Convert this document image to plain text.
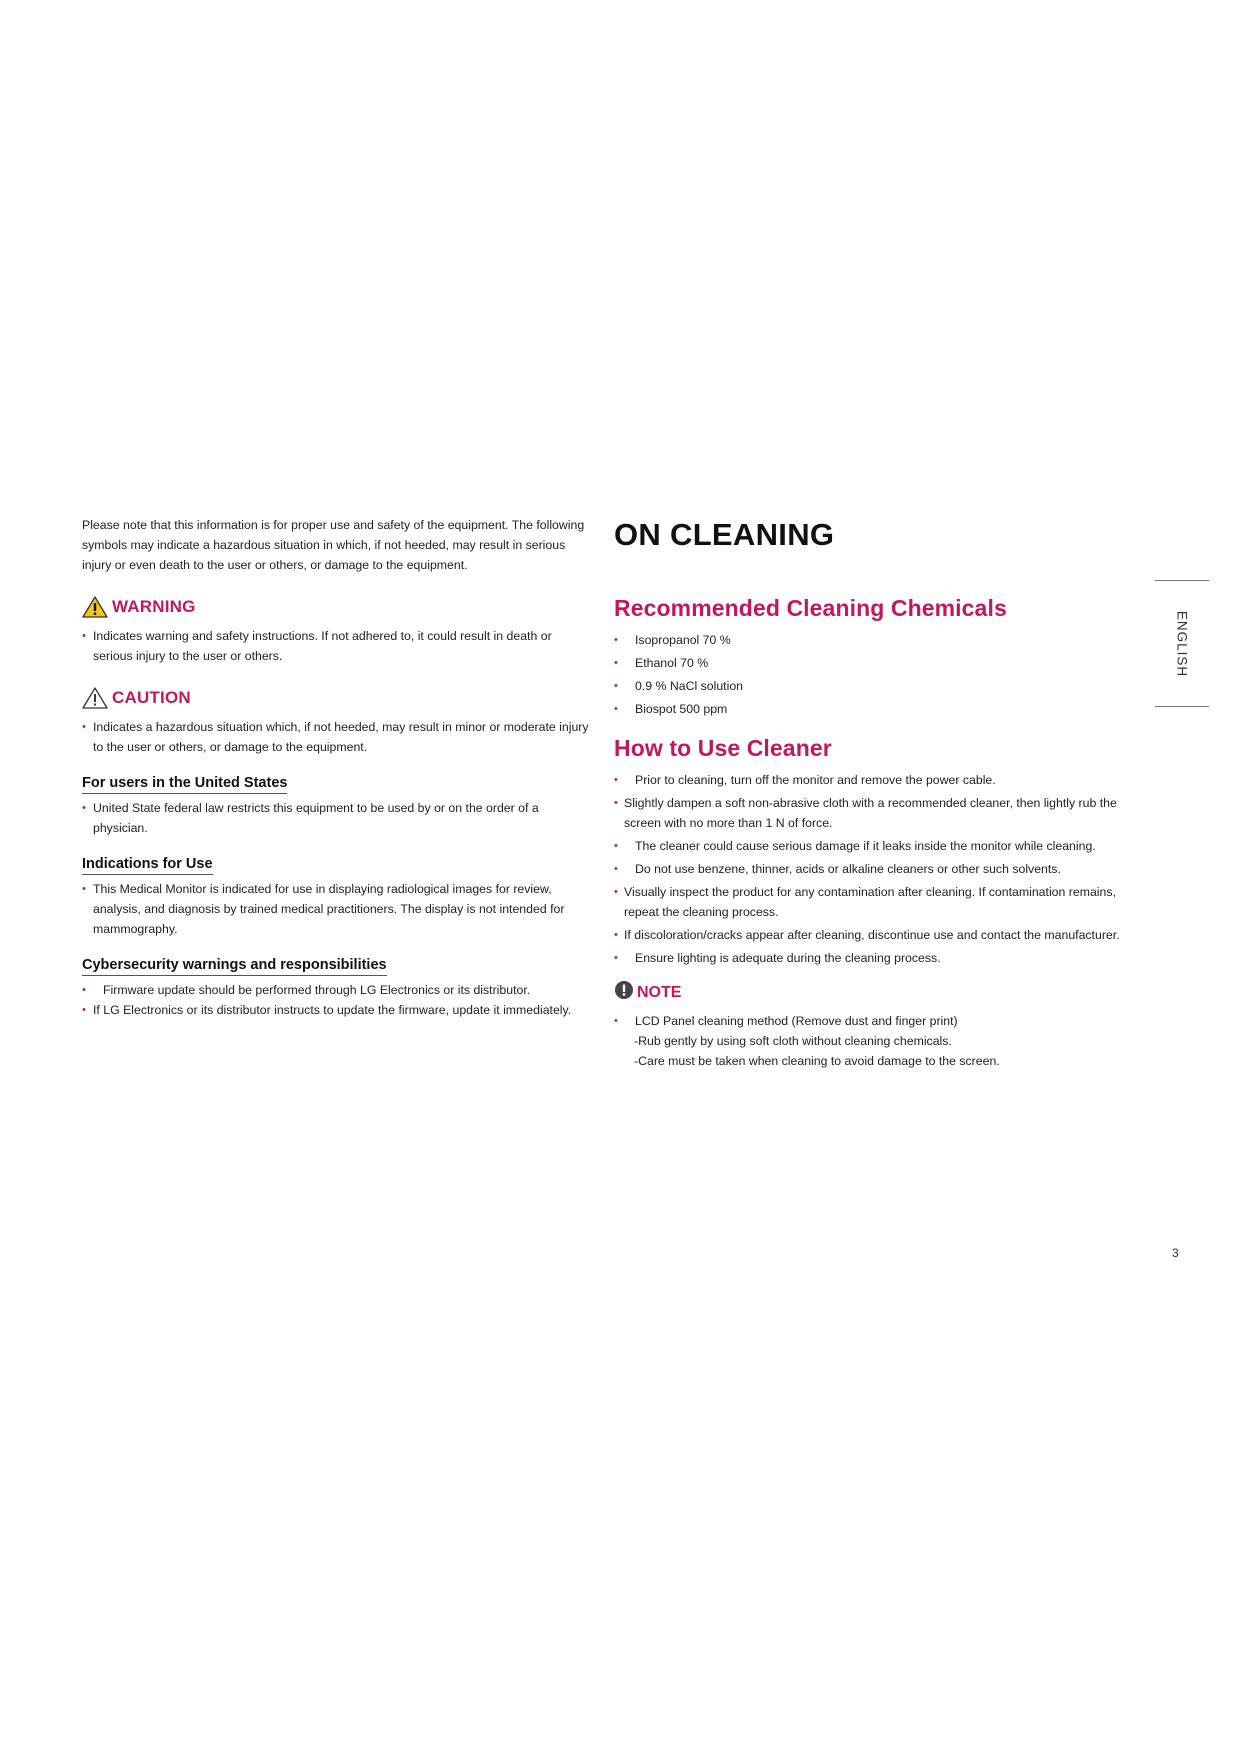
Please note that this information is for proper use and safety of the equipment. The following symbols may indicate a hazardous situation in which, if not heeded, may result in serious injury or even death to the user or others, or damage to the equipment.

WARNING
• Indicates warning and safety instructions. If not adhered to, it could result in death or serious injury to the user or others.
CAUTION
• Indicates a hazardous situation which, if not heeded, may result in minor or moderate injury to the user or others, or damage to the equipment.
For users in the United States
• United State federal law restricts this equipment to be used by or on the order of a physician.
Indications for Use
• This Medical Monitor is indicated for use in displaying radiological images for review, analysis, and diagnosis by trained medical practitioners. The display is not intended for mammography.
Cybersecurity warnings and responsibilities
• Firmware update should be performed through LG Electronics or its distributor.
• If LG Electronics or its distributor instructs to update the firmware, update it immediately.
ON CLEANING
Recommended Cleaning Chemicals
• Isopropanol 70 %
• Ethanol 70 %
• 0.9 % NaCl solution
• Biospot 500 ppm
How to Use Cleaner
• Prior to cleaning, turn off the monitor and remove the power cable.
• Slightly dampen a soft non-abrasive cloth with a recommended cleaner, then lightly rub the screen with no more than 1 N of force.
• The cleaner could cause serious damage if it leaks inside the monitor while cleaning.
• Do not use benzene, thinner, acids or alkaline cleaners or other such solvents.
• Visually inspect the product for any contamination after cleaning. If contamination remains, repeat the cleaning process.
• If discoloration/cracks appear after cleaning, discontinue use and contact the manufacturer.
• Ensure lighting is adequate during the cleaning process.
NOTE
• LCD Panel cleaning method (Remove dust and finger print)
-Rub gently by using soft cloth without cleaning chemicals.
-Care must be taken when cleaning to avoid damage to the screen.
ENGLISH
3
